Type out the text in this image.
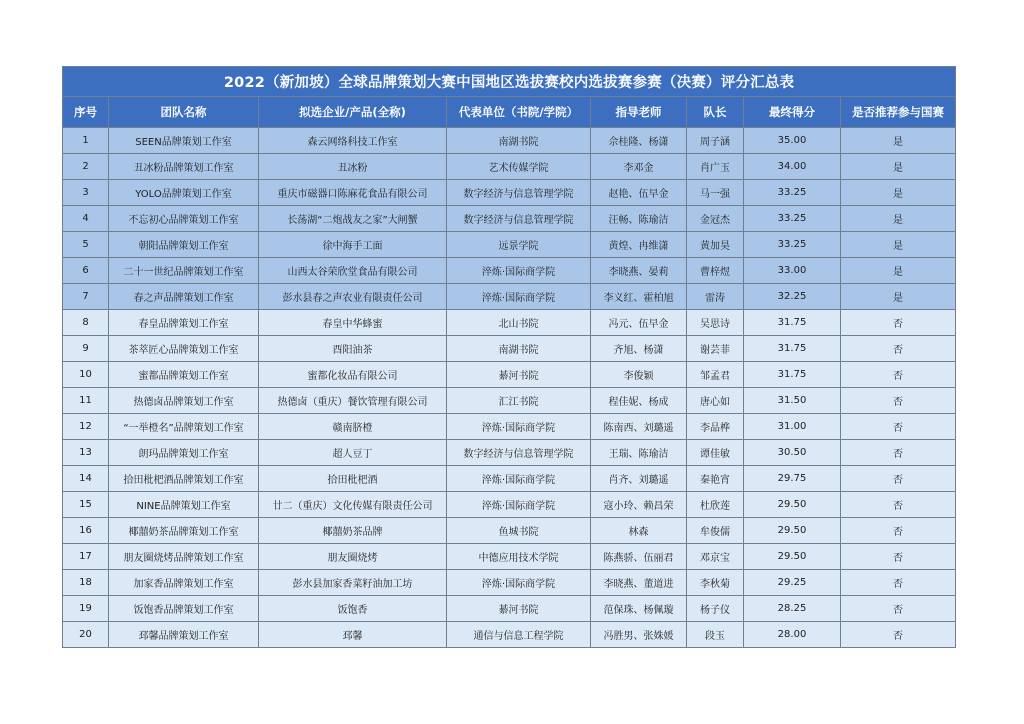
2022（新加坡）全球品牌策划大赛中国地区选拔赛校内选拔赛参赛（决赛）评分汇总表							
序号	团队名称	拟选企业/产品(全称)	代表单位（书院/学院）	指导老师	队长	最终得分	是否推荐参与国赛
1	SEEN品牌策划工作室	森云网络科技工作室	南湖书院	佘桂隆、杨潇	周子涵	35.00	是
2	丑冰粉品牌策划工作室	丑冰粉	艺术传媒学院	李邓金	肖广玉	34.00	是
3	YOLO品牌策划工作室	重庆市磁器口陈麻花食品有限公司	数字经济与信息管理学院	赵艳、伍早金	马一强	33.25	是
4	不忘初心品牌策划工作室	长荡湖“二炮战友之家”大闸蟹	数字经济与信息管理学院	汪畅、陈瑜洁	金冠杰	33.25	是
5	朝阳品牌策划工作室	徐中海手工面	远景学院	黄煌、冉维潇	黄加昊	33.25	是
6	二十一世纪品牌策划工作室	山西太谷荣欣堂食品有限公司	淬炼·国际商学院	李晓燕、晏莉	曹梓煜	33.00	是
7	春之声品牌策划工作室	彭水县春之声农业有限责任公司	淬炼·国际商学院	李义红、霍柏旭	雷涛	32.25	是
8	春皇品牌策划工作室	春皇中华蜂蜜	北山书院	冯元、伍早金	吴思诗	31.75	否
9	茶萃匠心品牌策划工作室	酉阳油茶	南湖书院	齐旭、杨潇	谢芸菲	31.75	否
10	蜜都品牌策划工作室	蜜都化妆品有限公司	綦河书院	李俊颖	邹孟君	31.75	否
11	热德卤品牌策划工作室	热德卤（重庆）餐饮管理有限公司	汇江书院	程佳妮、杨成	唐心如	31.50	否
12	“一举橙名”品牌策划工作室	赣南脐橙	淬炼·国际商学院	陈南西、刘璐遥	李品桦	31.00	否
13	朗玛品牌策划工作室	超人豆丁	数字经济与信息管理学院	王瑞、陈瑜洁	谭佳敏	30.50	否
14	拾田枇杷酒品牌策划工作室	拾田枇杷酒	淬炼·国际商学院	肖齐、刘璐遥	秦艳宵	29.75	否
15	NINE品牌策划工作室	廿二（重庆）文化传媒有限责任公司	淬炼·国际商学院	寇小玲、赖昌荣	杜欣莲	29.50	否
16	椰囍奶茶品牌策划工作室	椰囍奶茶品牌	鱼城书院	林森	牟俊儒	29.50	否
17	朋友圈烧烤品牌策划工作室	朋友圈烧烤	中德应用技术学院	陈燕骄、伍丽君	邓京宝	29.50	否
18	加家香品牌策划工作室	彭水县加家香菜籽油加工坊	淬炼·国际商学院	李晓燕、董道进	李秋菊	29.25	否
19	饭饱香品牌策划工作室	饭饱香	綦河书院	范保珠、杨佩璇	杨子仪	28.25	否
20	邳馨品牌策划工作室	邳馨	通信与信息工程学院	冯胜男、张姝媛	段玉	28.00	否
